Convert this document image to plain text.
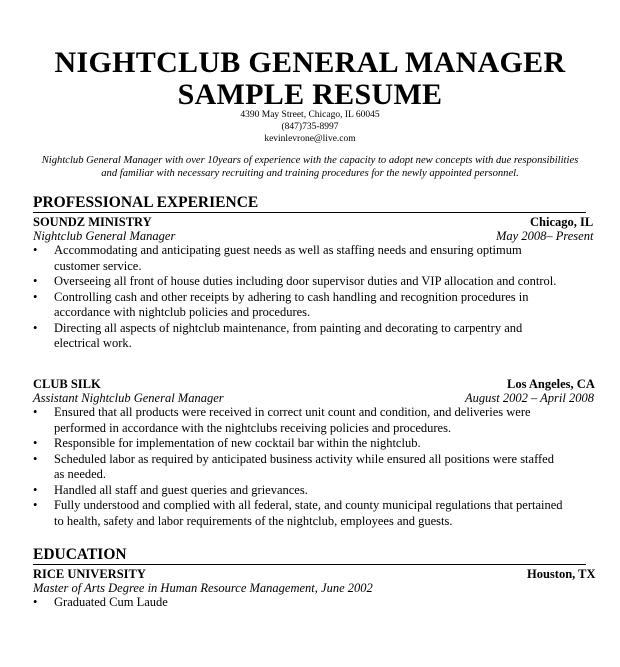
NIGHTCLUB GENERAL MANAGER
SAMPLE RESUME
4390 May Street, Chicago, IL 60045
(847)735-8997
kevinlevrone@live.com
Nightclub General Manager with over 10years of experience with the capacity to adopt new concepts with due responsibilities and familiar with necessary recruiting and training procedures for the newly appointed personnel.
PROFESSIONAL EXPERIENCE
SOUNDZ MINISTRY	Chicago, IL
Nightclub General Manager	May 2008– Present
• Accommodating and anticipating guest needs as well as staffing needs and ensuring optimum customer service.
• Overseeing all front of house duties including door supervisor duties and VIP allocation and control.
• Controlling cash and other receipts by adhering to cash handling and recognition procedures in accordance with nightclub policies and procedures.
• Directing all aspects of nightclub maintenance, from painting and decorating to carpentry and electrical work.
CLUB SILK	Los Angeles, CA
Assistant Nightclub General Manager	August 2002 – April 2008
• Ensured that all products were received in correct unit count and condition, and deliveries were performed in accordance with the nightclubs receiving policies and procedures.
• Responsible for implementation of new cocktail bar within the nightclub.
• Scheduled labor as required by anticipated business activity while ensured all positions were staffed as needed.
• Handled all staff and guest queries and grievances.
• Fully understood and complied with all federal, state, and county municipal regulations that pertained to health, safety and labor requirements of the nightclub, employees and guests.
EDUCATION
RICE UNIVERSITY	Houston, TX
Master of Arts Degree in Human Resource Management, June 2002
• Graduated Cum Laude
